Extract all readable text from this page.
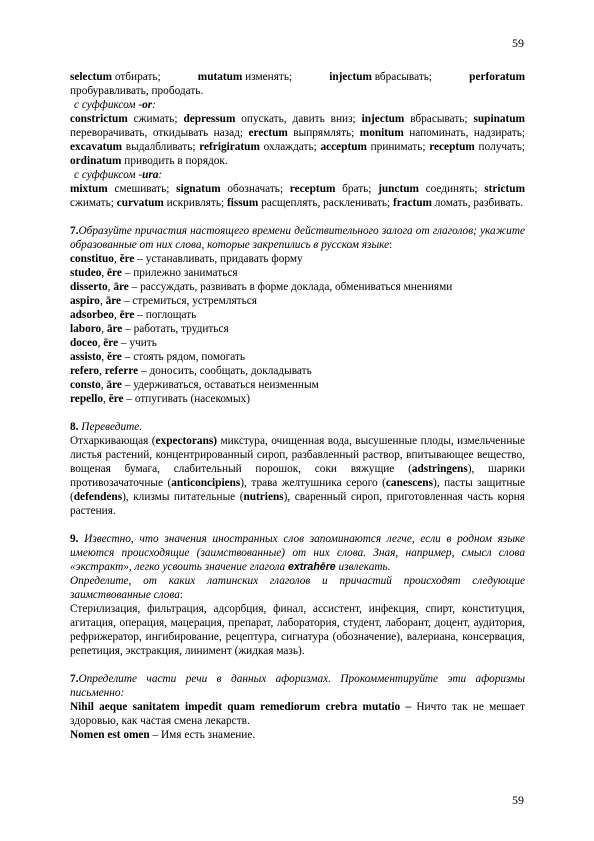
59
selectum отбирать;	mutatum изменять;	injectum вбрасывать;	perforatum

пробуравливать, прободать.

с суффиксом -or:

constrictum сжимать; depressum опускать, давить вниз; injectum вбрасывать; supinatum переворачивать, откидывать назад; erectum выпрямлять; monitum напоминать, надзирать; excavatum выдалбливать; refrigiratum охлаждать; acceptum принимать; receptum получать; ordinatum приводить в порядок.

с суффиксом -ura:

mixtum смешивать; signatum обозначать; receptum брать; junctum соединять; strictum сжимать; curvatum искривлять; fissum расщеплять, раскленивать; fractum ломать, разбивать.

7.Образуйте причастия настоящего времени действительного залога от глаголов; укажите образованные от них слова, которые закрепились в русском языке:

constituo, ĕre – устанавливать, придавать форму

studeo, ēre – прилежно заниматься

disserto, āre – рассуждать, развивать в форме доклада, обмениваться мнениями

aspiro, āre – стремиться, устремляться

adsorbeo, ēre – поглощать

laboro, āre – работать, трудиться

doceo, ēre – учить

assisto, ĕre – стоять рядом, помогать

refero, referre – доносить, сообщать, докладывать

consto, āre – удерживаться, оставаться неизменным

repello, ĕre – отпугивать (насекомых)

8. Переведите.

Отхаркивающая (expectorans) микстура, очищенная вода, высушенные плоды, измельченные листья растений, концентрированный сироп, разбавленный раствор, впитывающее вещество, вощеная бумага, слабительный порошок, соки вяжущие (adstringens), шарики противозачаточные (anticoncipiens), трава желтушника серого (canescens), пасты защитные (defendens), клизмы питательные (nutriens), сваренный сироп, приготовленная часть корня растения.

9. Известно, что значения иностранных слов запоминаются легче, если в родном языке имеются происходящие (заимствованные) от них слова. Зная, например, смысл слова «экстракт», легко усвоить значение глагола extrahēre извлекать.

Определите, от каких латинских глаголов и причастий происходят следующие заимствованные слова:

Стерилизация, фильтрация, адсорбция, финал, ассистент, инфекция, спирт, конституция, агитация, операция, мацерация, препарат, лаборатория, студент, лаборант, доцент, аудитория, рефрижератор, ингибирование, рецептура, сигнатура (обозначение), валериана, консервация, репетиция, экстракция, линимент (жидкая мазь).

7.Определите части речи в данных афоризмах. Прокомментируйте эти афоризмы письменно:

Nihil aeque sanitatem impedit quam remediorum crebra mutatio – Ничто так не мешает здоровью, как частая смена лекарств.

Nomen est omen – Имя есть знамение.

59
